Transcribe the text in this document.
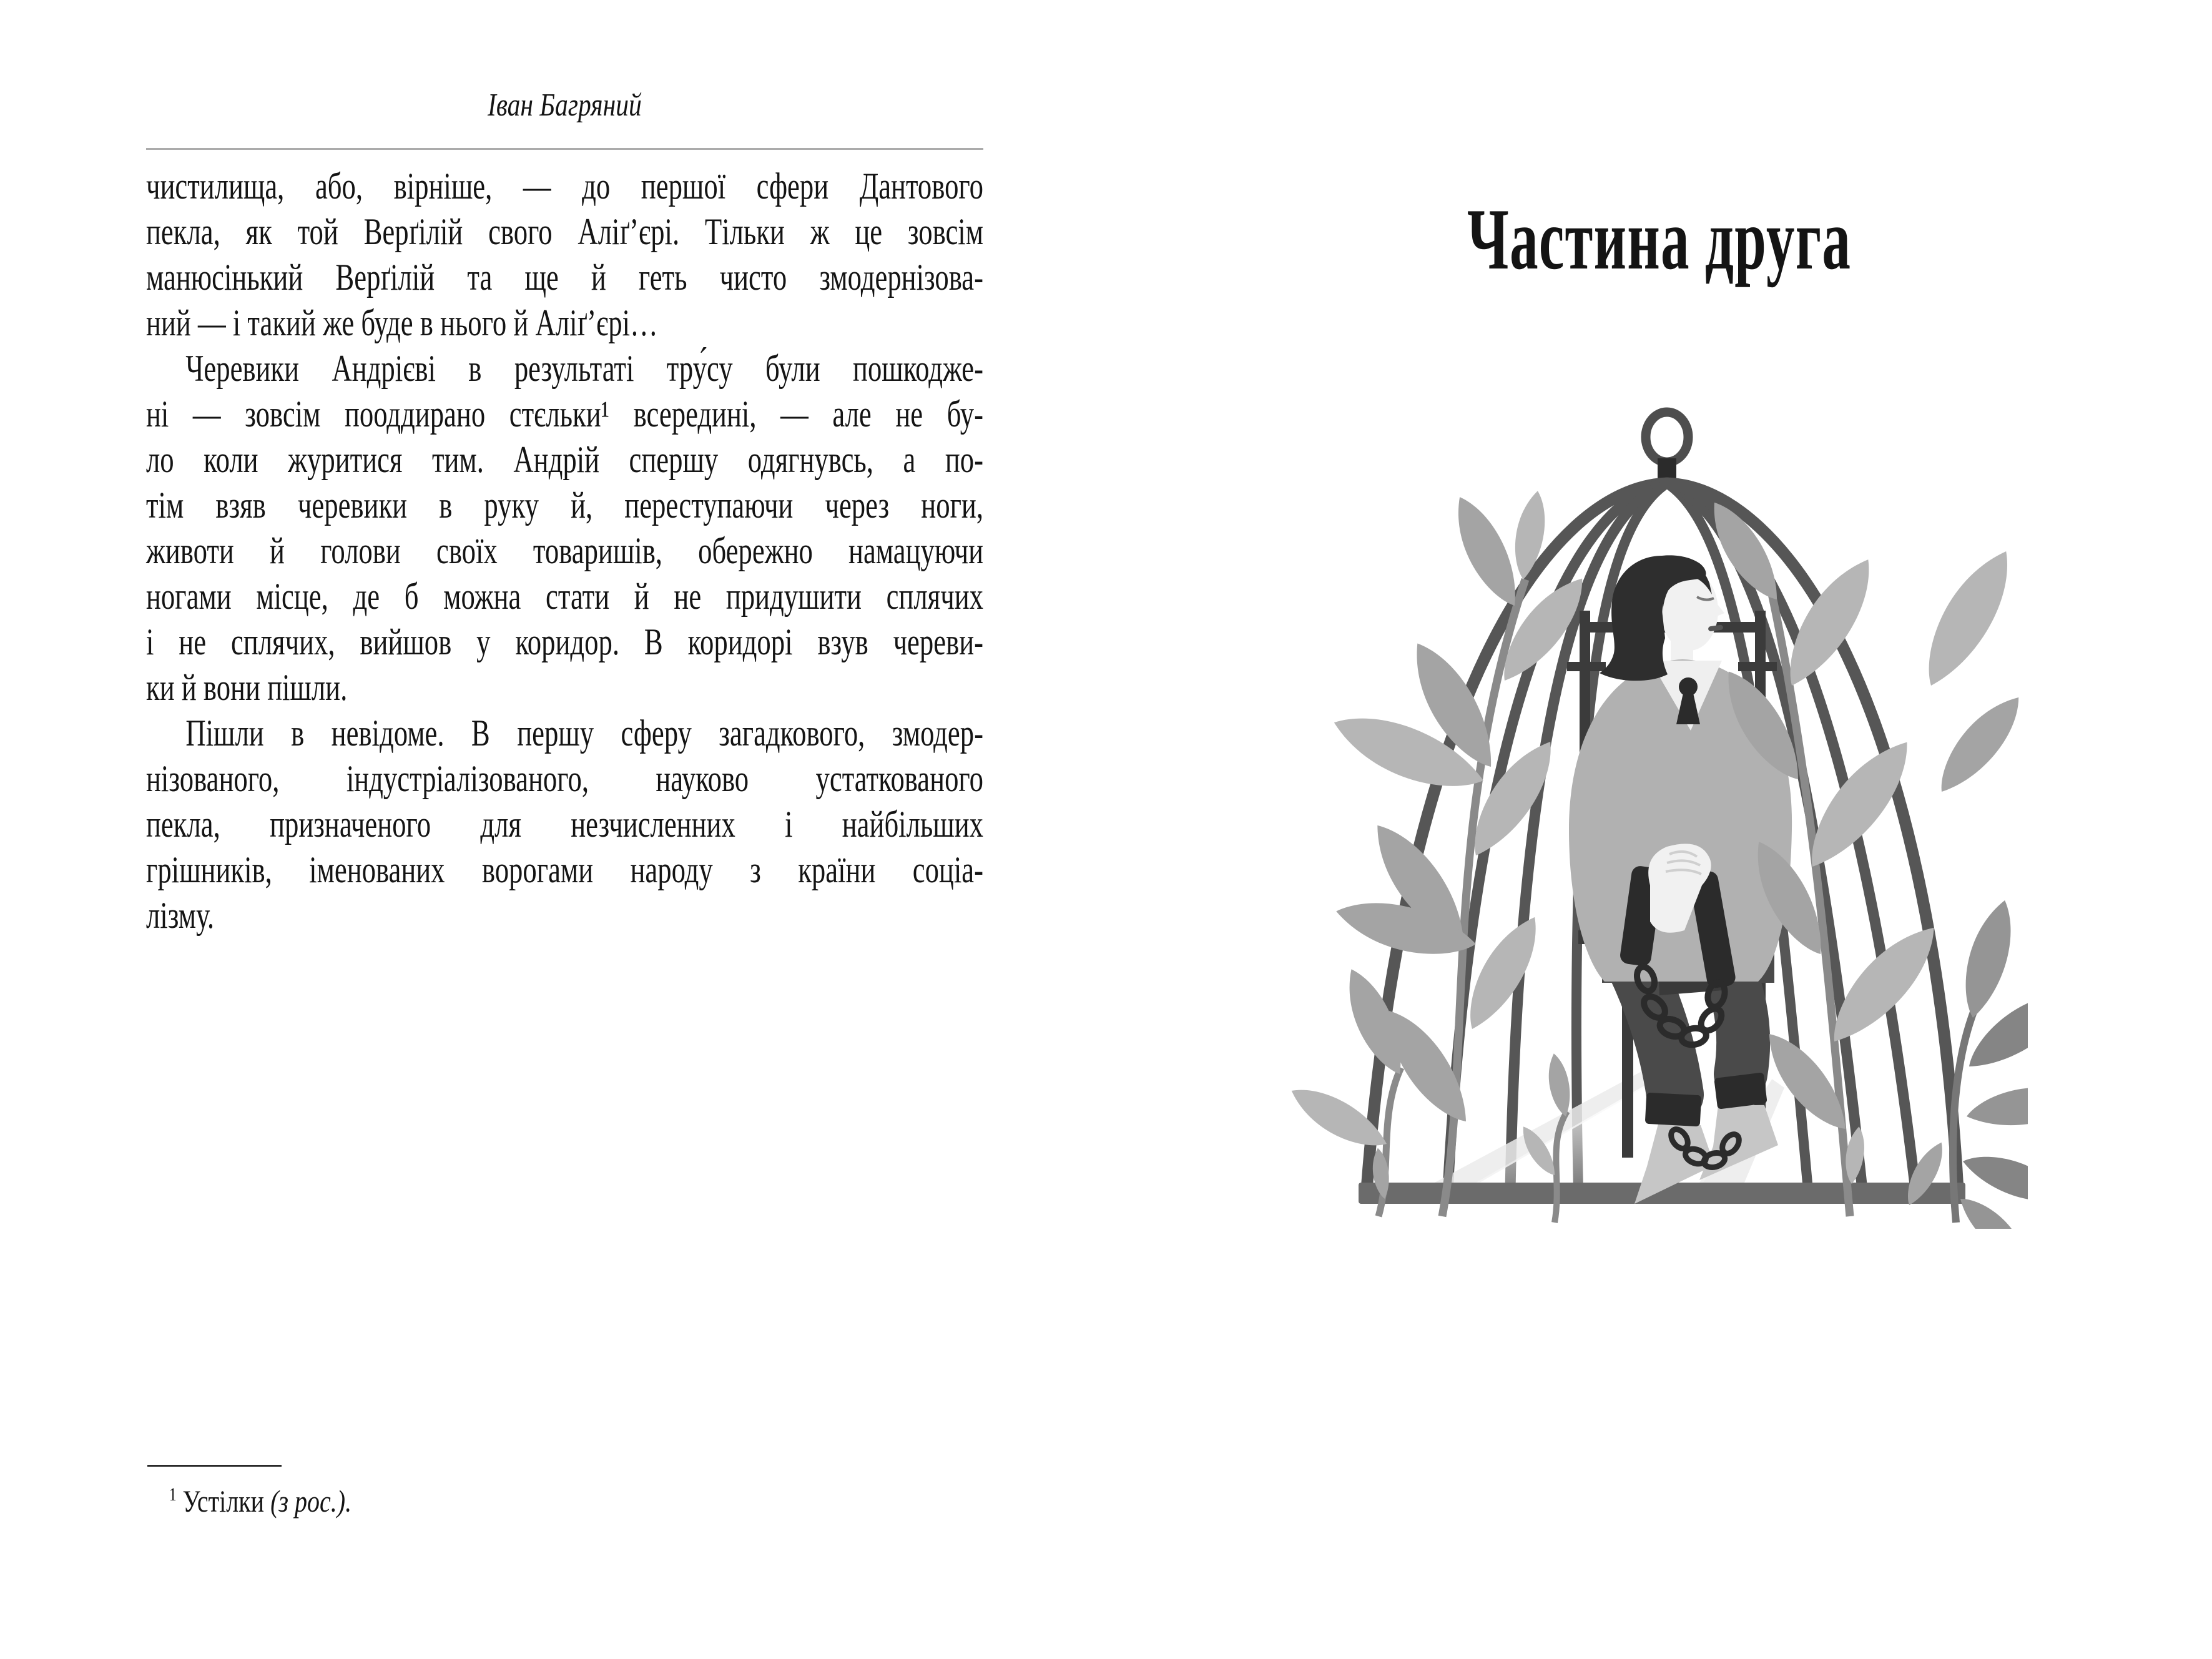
Іван Багряний
чистилища, або, вірніше, — до першої сфери Дантового
пекла, як той Верґілій свого Аліґ’єрі. Тільки ж це зовсім
манюсінький Верґілій та ще й геть чисто змодернізова-
ний — і такий же буде в нього й Аліґ’єрі…
Черевики Андрієві в результаті тру́су були пошкодже-
ні — зовсім пооддирано стєльки¹ всередині, — але не бу-
ло коли журитися тим. Андрій спершу одягнувсь, а по-
тім взяв черевики в руку й, переступаючи через ноги,
животи й голови своїх товаришів, обережно намацуючи
ногами місце, де б можна стати й не придушити сплячих
і не сплячих, вийшов у коридор. В коридорі взув череви-
ки й вони пішли.
Пішли в невідоме. В першу сферу загадкового, змодер-
нізованого, індустріалізованого, науково устаткованого
пекла, призначеного для незчисленних і найбільших
грішників, іменованих ворогами народу з країни соціа-
лізму.
$^1$ Устілки (з рос.).
Частина друга
